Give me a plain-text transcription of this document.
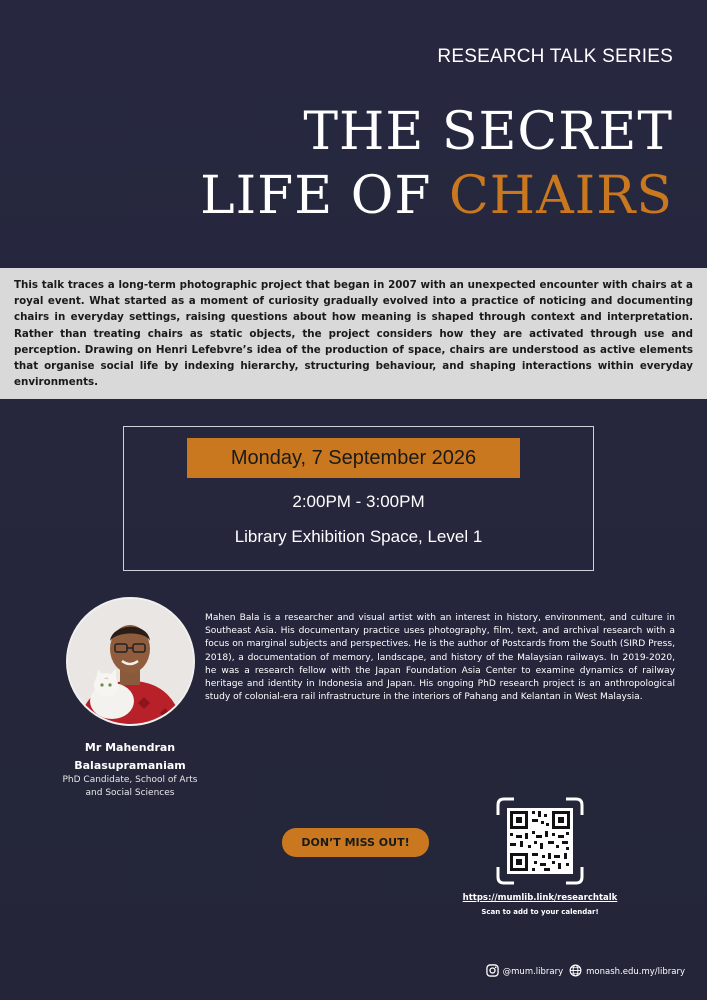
RESEARCH TALK SERIES
THE SECRET
LIFE OF CHAIRS
This talk traces a long-term photographic project that began in 2007 with an unexpected encounter with chairs at a royal event. What started as a moment of curiosity gradually evolved into a practice of noticing and documenting chairs in everyday settings, raising questions about how meaning is shaped through context and interpretation. Rather than treating chairs as static objects, the project considers how they are activated through use and perception. Drawing on Henri Lefebvre’s idea of the production of space, chairs are understood as active elements that organise social life by indexing hierarchy, structuring behaviour, and shaping interactions within everyday environments.
Monday, 7 September 2026
2:00PM - 3:00PM
Library Exhibition Space, Level 1
Mr Mahendran
Balasupramaniam
PhD Candidate, School of Arts
and Social Sciences
Mahen Bala is a researcher and visual artist with an interest in history, environment, and culture in Southeast Asia. His documentary practice uses photography, film, text, and archival research with a focus on marginal subjects and perspectives. He is the author of Postcards from the South (SIRD Press, 2018), a documentation of memory, landscape, and history of the Malaysian railways. In 2019-2020, he was a research fellow with the Japan Foundation Asia Center to examine dynamics of railway heritage and identity in Indonesia and Japan. His ongoing PhD research project is an anthropological study of colonial-era rail infrastructure in the interiors of Pahang and Kelantan in West Malaysia.
DON’T MISS OUT!
https://mumlib.link/researchtalk
Scan to add to your calendar!
@mum.library	monash.edu.my/library
